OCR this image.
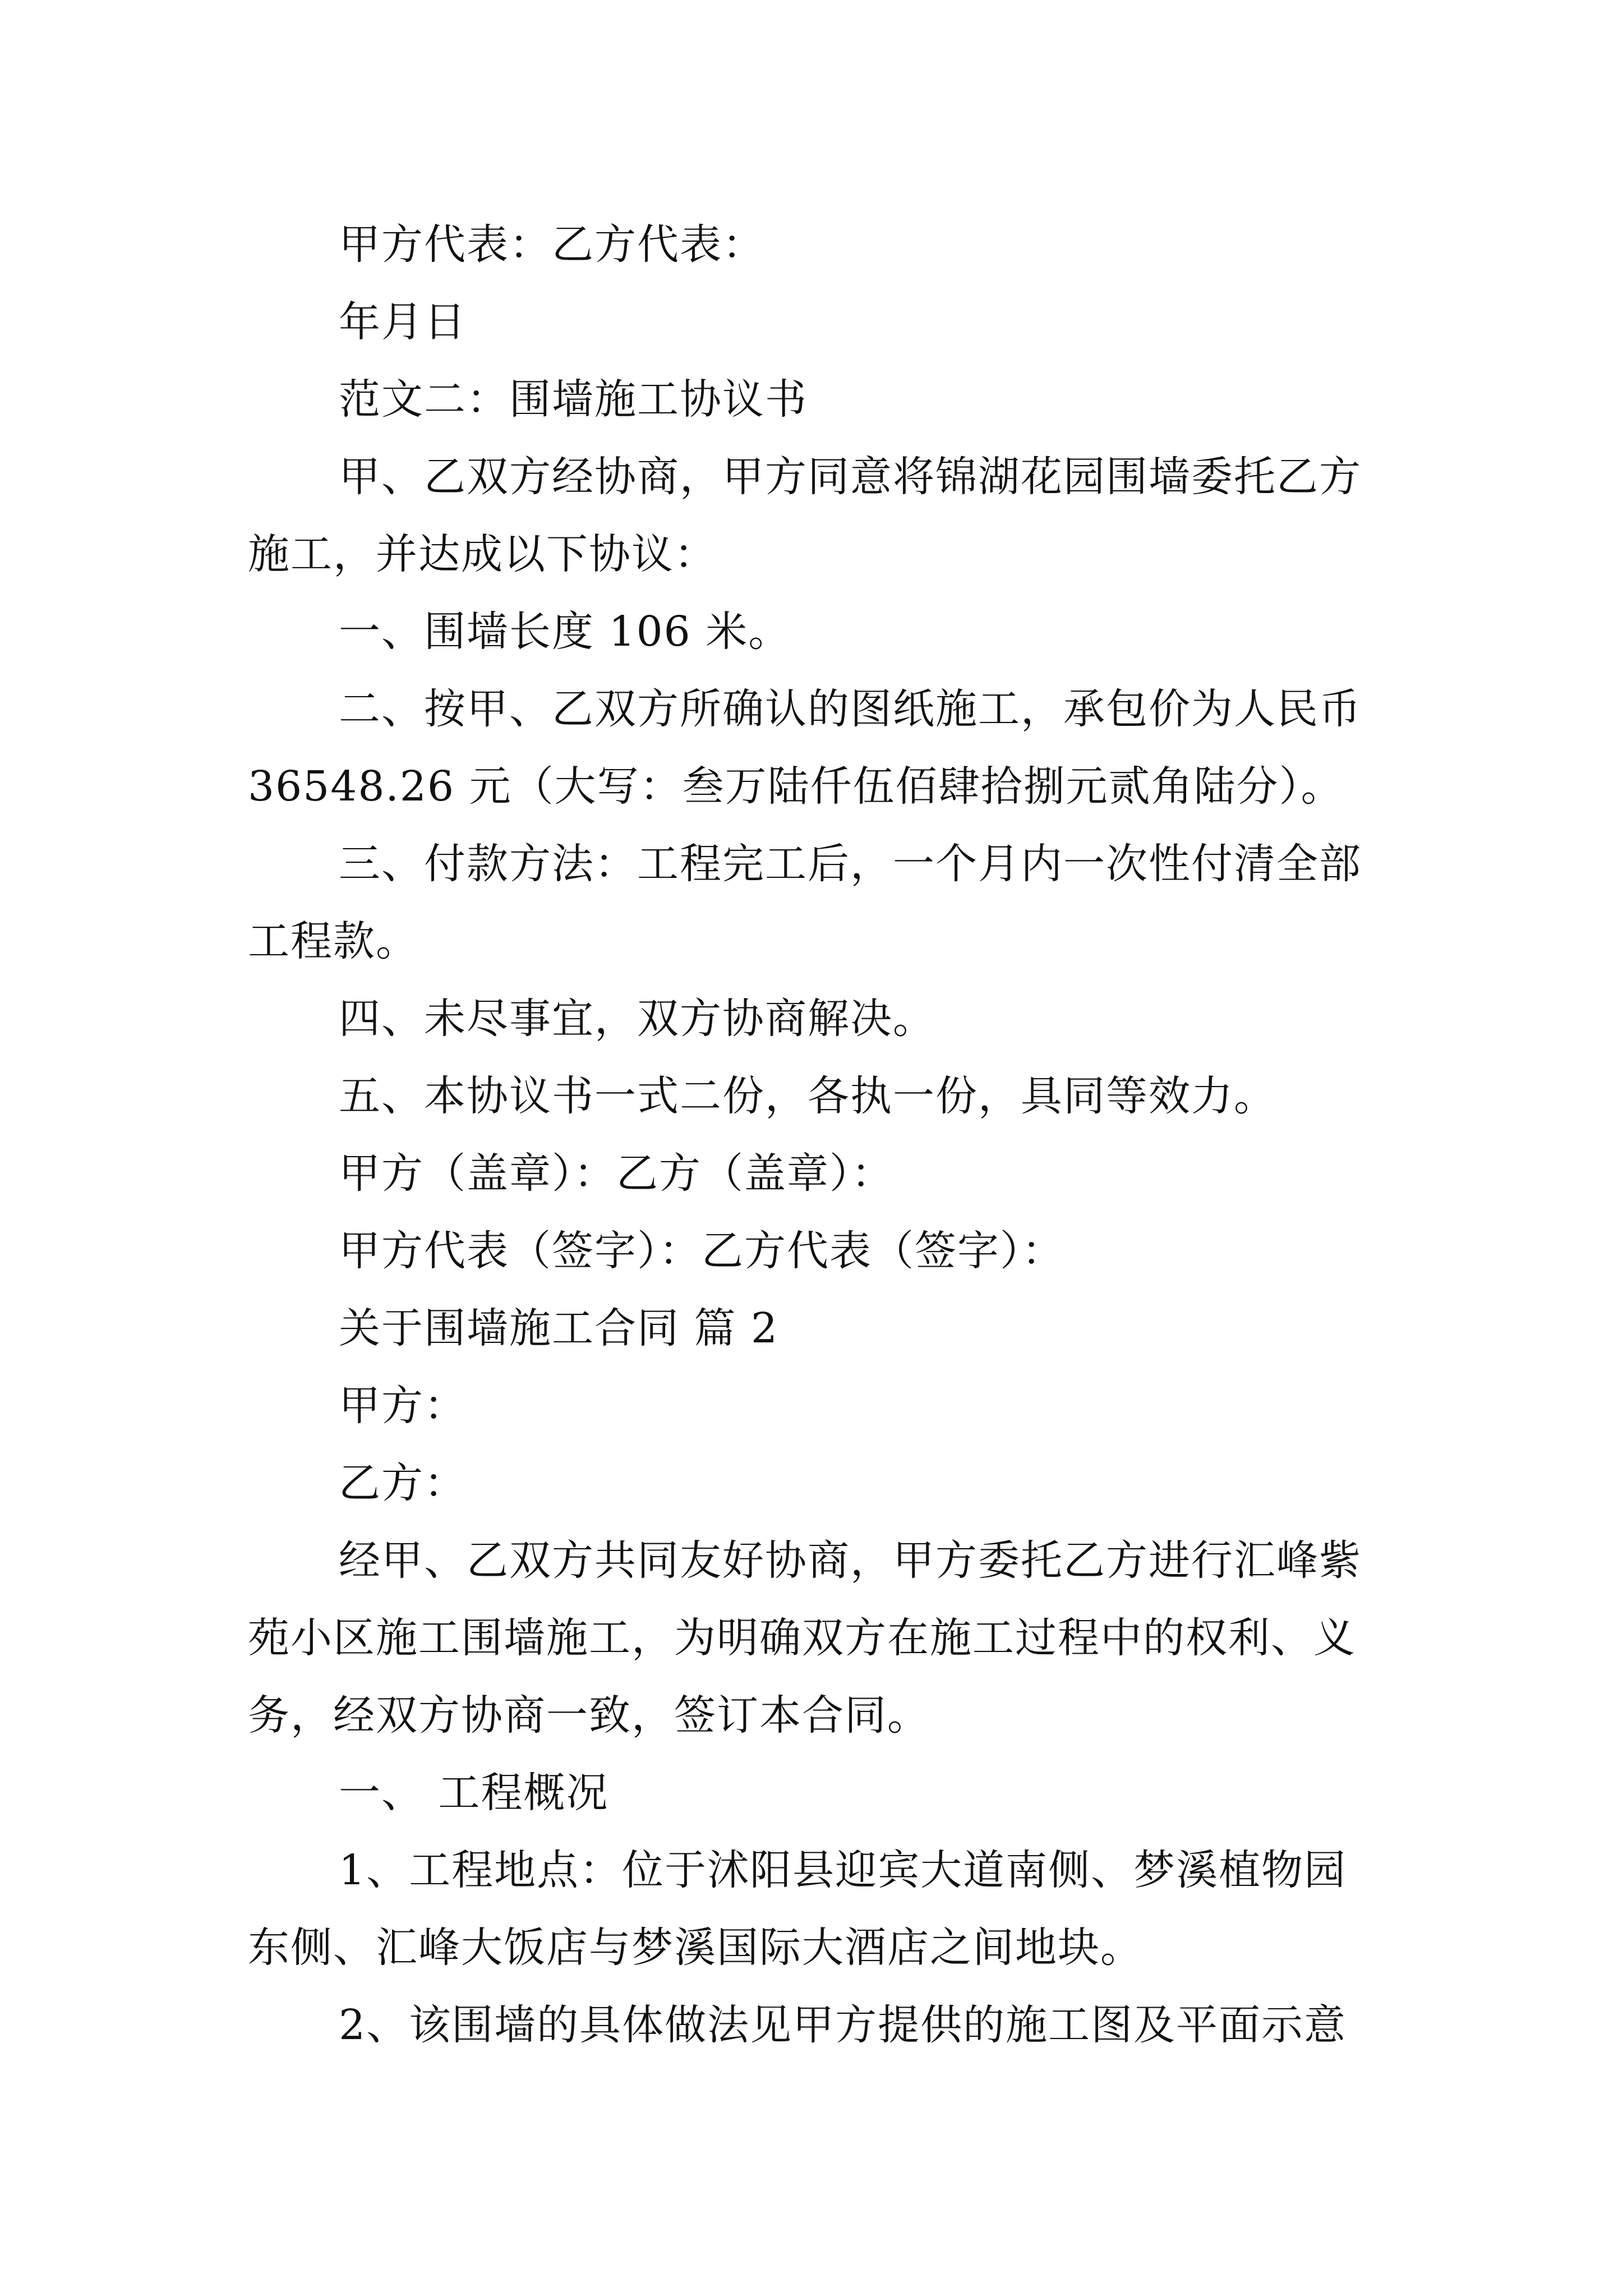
甲方代表：乙方代表：
年月日
范文二：围墙施工协议书
甲、乙双方经协商，甲方同意将锦湖花园围墙委托乙方
施工，并达成以下协议：
一、围墙长度 106 米。
二、按甲、乙双方所确认的图纸施工，承包价为人民币
36548.26 元（大写：叁万陆仟伍佰肆拾捌元贰角陆分）。
三、付款方法：工程完工后，一个月内一次性付清全部
工程款。
四、未尽事宜，双方协商解决。
五、本协议书一式二份，各执一份，具同等效力。
甲方（盖章）：乙方（盖章）：
甲方代表（签字）：乙方代表（签字）：
关于围墙施工合同 篇 2
甲方：
乙方：
经甲、乙双方共同友好协商，甲方委托乙方进行汇峰紫
苑小区施工围墙施工，为明确双方在施工过程中的权利、义
务，经双方协商一致，签订本合同。
一、 工程概况
1、工程地点：位于沭阳县迎宾大道南侧、梦溪植物园
东侧、汇峰大饭店与梦溪国际大酒店之间地块。
2、该围墙的具体做法见甲方提供的施工图及平面示意
